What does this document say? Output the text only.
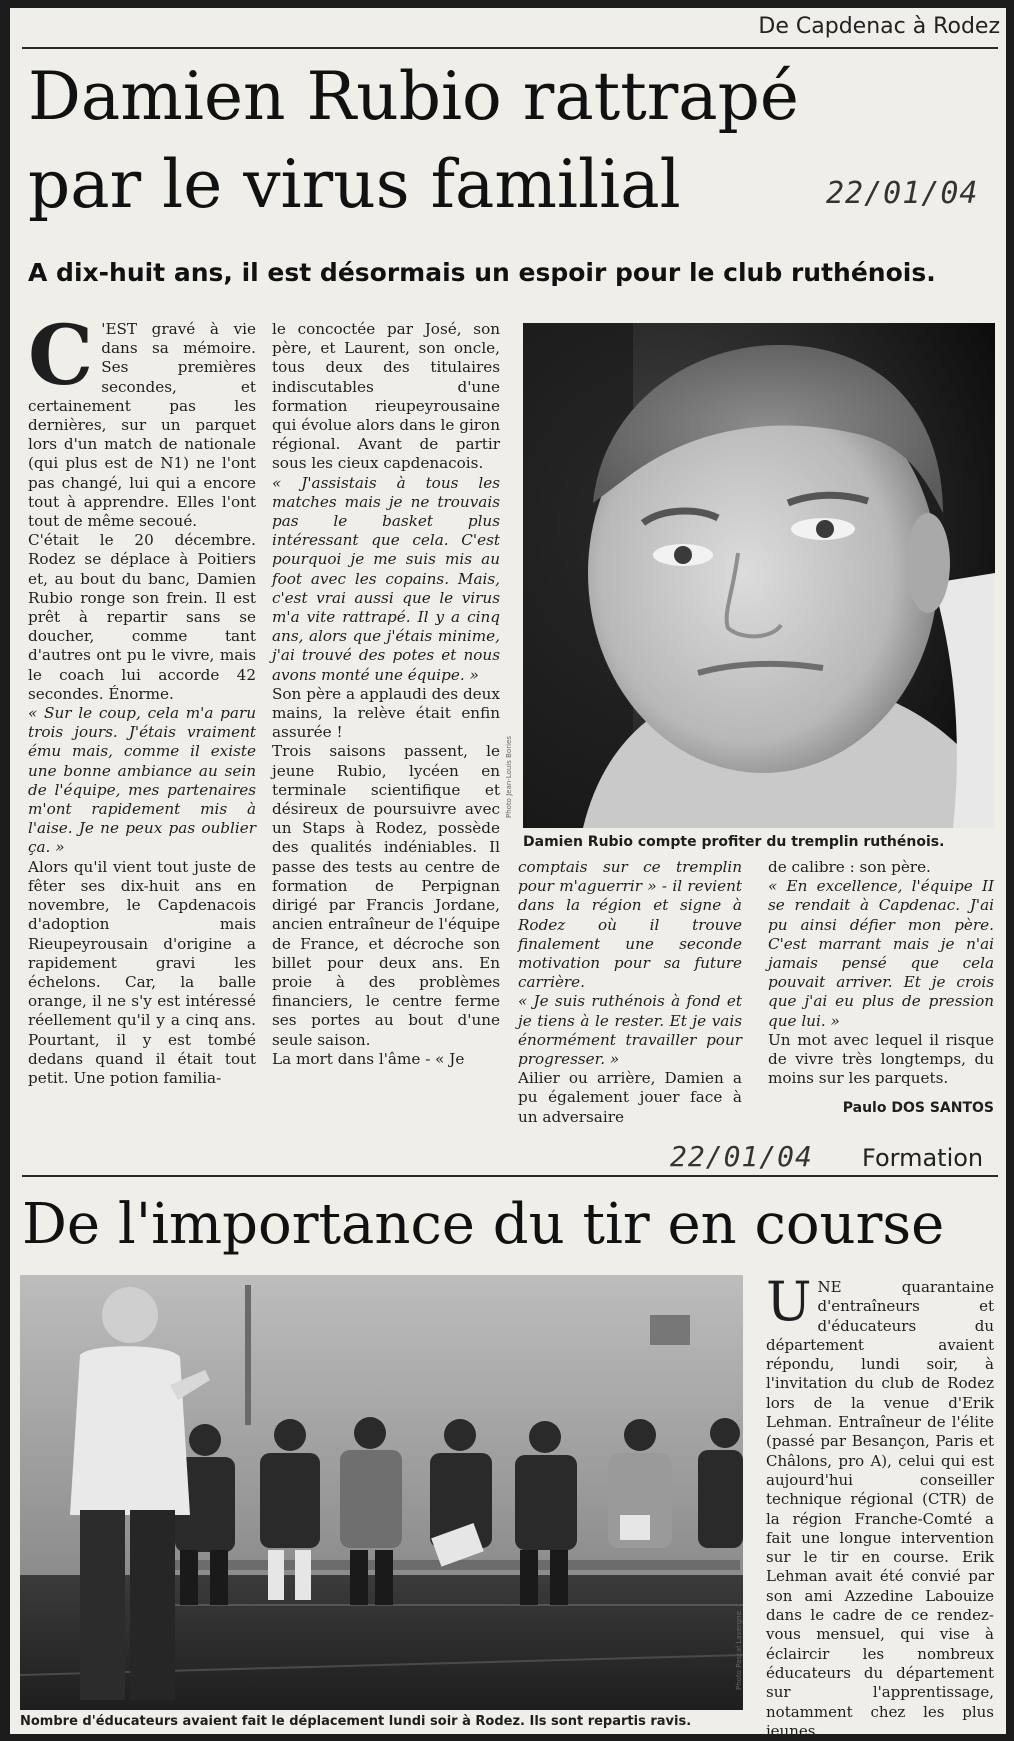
De Capdenac à Rodez
Damien Rubio rattrapé
par le virus familial	22/01/04
A dix-huit ans, il est désormais un espoir pour le club ruthénois.
C 'EST gravé à vie dans sa mémoire. Ses premières secondes, et certainement pas les dernières, sur un parquet lors d'un match de nationale (qui plus est de N1) ne l'ont pas changé, lui qui a encore tout à apprendre. Elles l'ont tout de même secoué.

C'était le 20 décembre. Rodez se déplace à Poitiers et, au bout du banc, Damien Rubio ronge son frein. Il est prêt à repartir sans se doucher, comme tant d'autres ont pu le vivre, mais le coach lui accorde 42 secondes. Énorme.

« Sur le coup, cela m'a paru trois jours. J'étais vraiment ému mais, comme il existe une bonne ambiance au sein de l'équipe, mes partenaires m'ont rapidement mis à l'aise. Je ne peux pas oublier ça. »

Alors qu'il vient tout juste de fêter ses dix-huit ans en novembre, le Capdenacois d'adoption mais Rieupeyrousain d'origine a rapidement gravi les échelons. Car, la balle orange, il ne s'y est intéressé réellement qu'il y a cinq ans. Pourtant, il y est tombé dedans quand il était tout petit. Une potion familia-

le concoctée par José, son père, et Laurent, son oncle, tous deux des titulaires indiscutables d'une formation rieupeyrousaine qui évolue alors dans le giron régional. Avant de partir sous les cieux capdenacois.

« J'assistais à tous les matches mais je ne trouvais pas le basket plus intéressant que cela. C'est pourquoi je me suis mis au foot avec les copains. Mais, c'est vrai aussi que le virus m'a vite rattrapé. Il y a cinq ans, alors que j'étais minime, j'ai trouvé des potes et nous avons monté une équipe. »

Son père a applaudi des deux mains, la relève était enfin assurée !

Trois saisons passent, le jeune Rubio, lycéen en terminale scientifique et désireux de poursuivre avec un Staps à Rodez, possède des qualités indéniables. Il passe des tests au centre de formation de Perpignan dirigé par Francis Jordane, ancien entraîneur de l'équipe de France, et décroche son billet pour deux ans. En proie à des problèmes financiers, le centre ferme ses portes au bout d'une seule saison.

La mort dans l'âme - « Je

Photo Jean-Louis Bories
Damien Rubio compte profiter du tremplin ruthénois.

comptais sur ce tremplin pour m'aguerrir » - il revient dans la région et signe à Rodez où il trouve finalement une seconde motivation pour sa future carrière.

« Je suis ruthénois à fond et je tiens à le rester. Et je vais énormément travailler pour progresser. »

Ailier ou arrière, Damien a pu également jouer face à un adversaire

de calibre : son père.

« En excellence, l'équipe II se rendait à Capdenac. J'ai pu ainsi défier mon père. C'est marrant mais je n'ai jamais pensé que cela pouvait arriver. Et je crois que j'ai eu plus de pression que lui. »

Un mot avec lequel il risque de vivre très longtemps, du moins sur les parquets.

Paulo DOS SANTOS
22/01/04 Formation
De l'importance du tir en course
Photo Pascal Lavergne
Nombre d'éducateurs avaient fait le déplacement lundi soir à Rodez. Ils sont repartis ravis.
U NE quarantaine d'entraîneurs et d'éducateurs du département avaient répondu, lundi soir, à l'invitation du club de Rodez lors de la venue d'Erik Lehman. Entraîneur de l'élite (passé par Besançon, Paris et Châlons, pro A), celui qui est aujourd'hui conseiller technique régional (CTR) de la région Franche-Comté a fait une longue intervention sur le tir en course. Erik Lehman avait été convié par son ami Azzedine Labouize dans le cadre de ce rendez-vous mensuel, qui vise à éclaircir les nombreux éducateurs du département sur l'apprentissage, notamment chez les plus jeunes.
